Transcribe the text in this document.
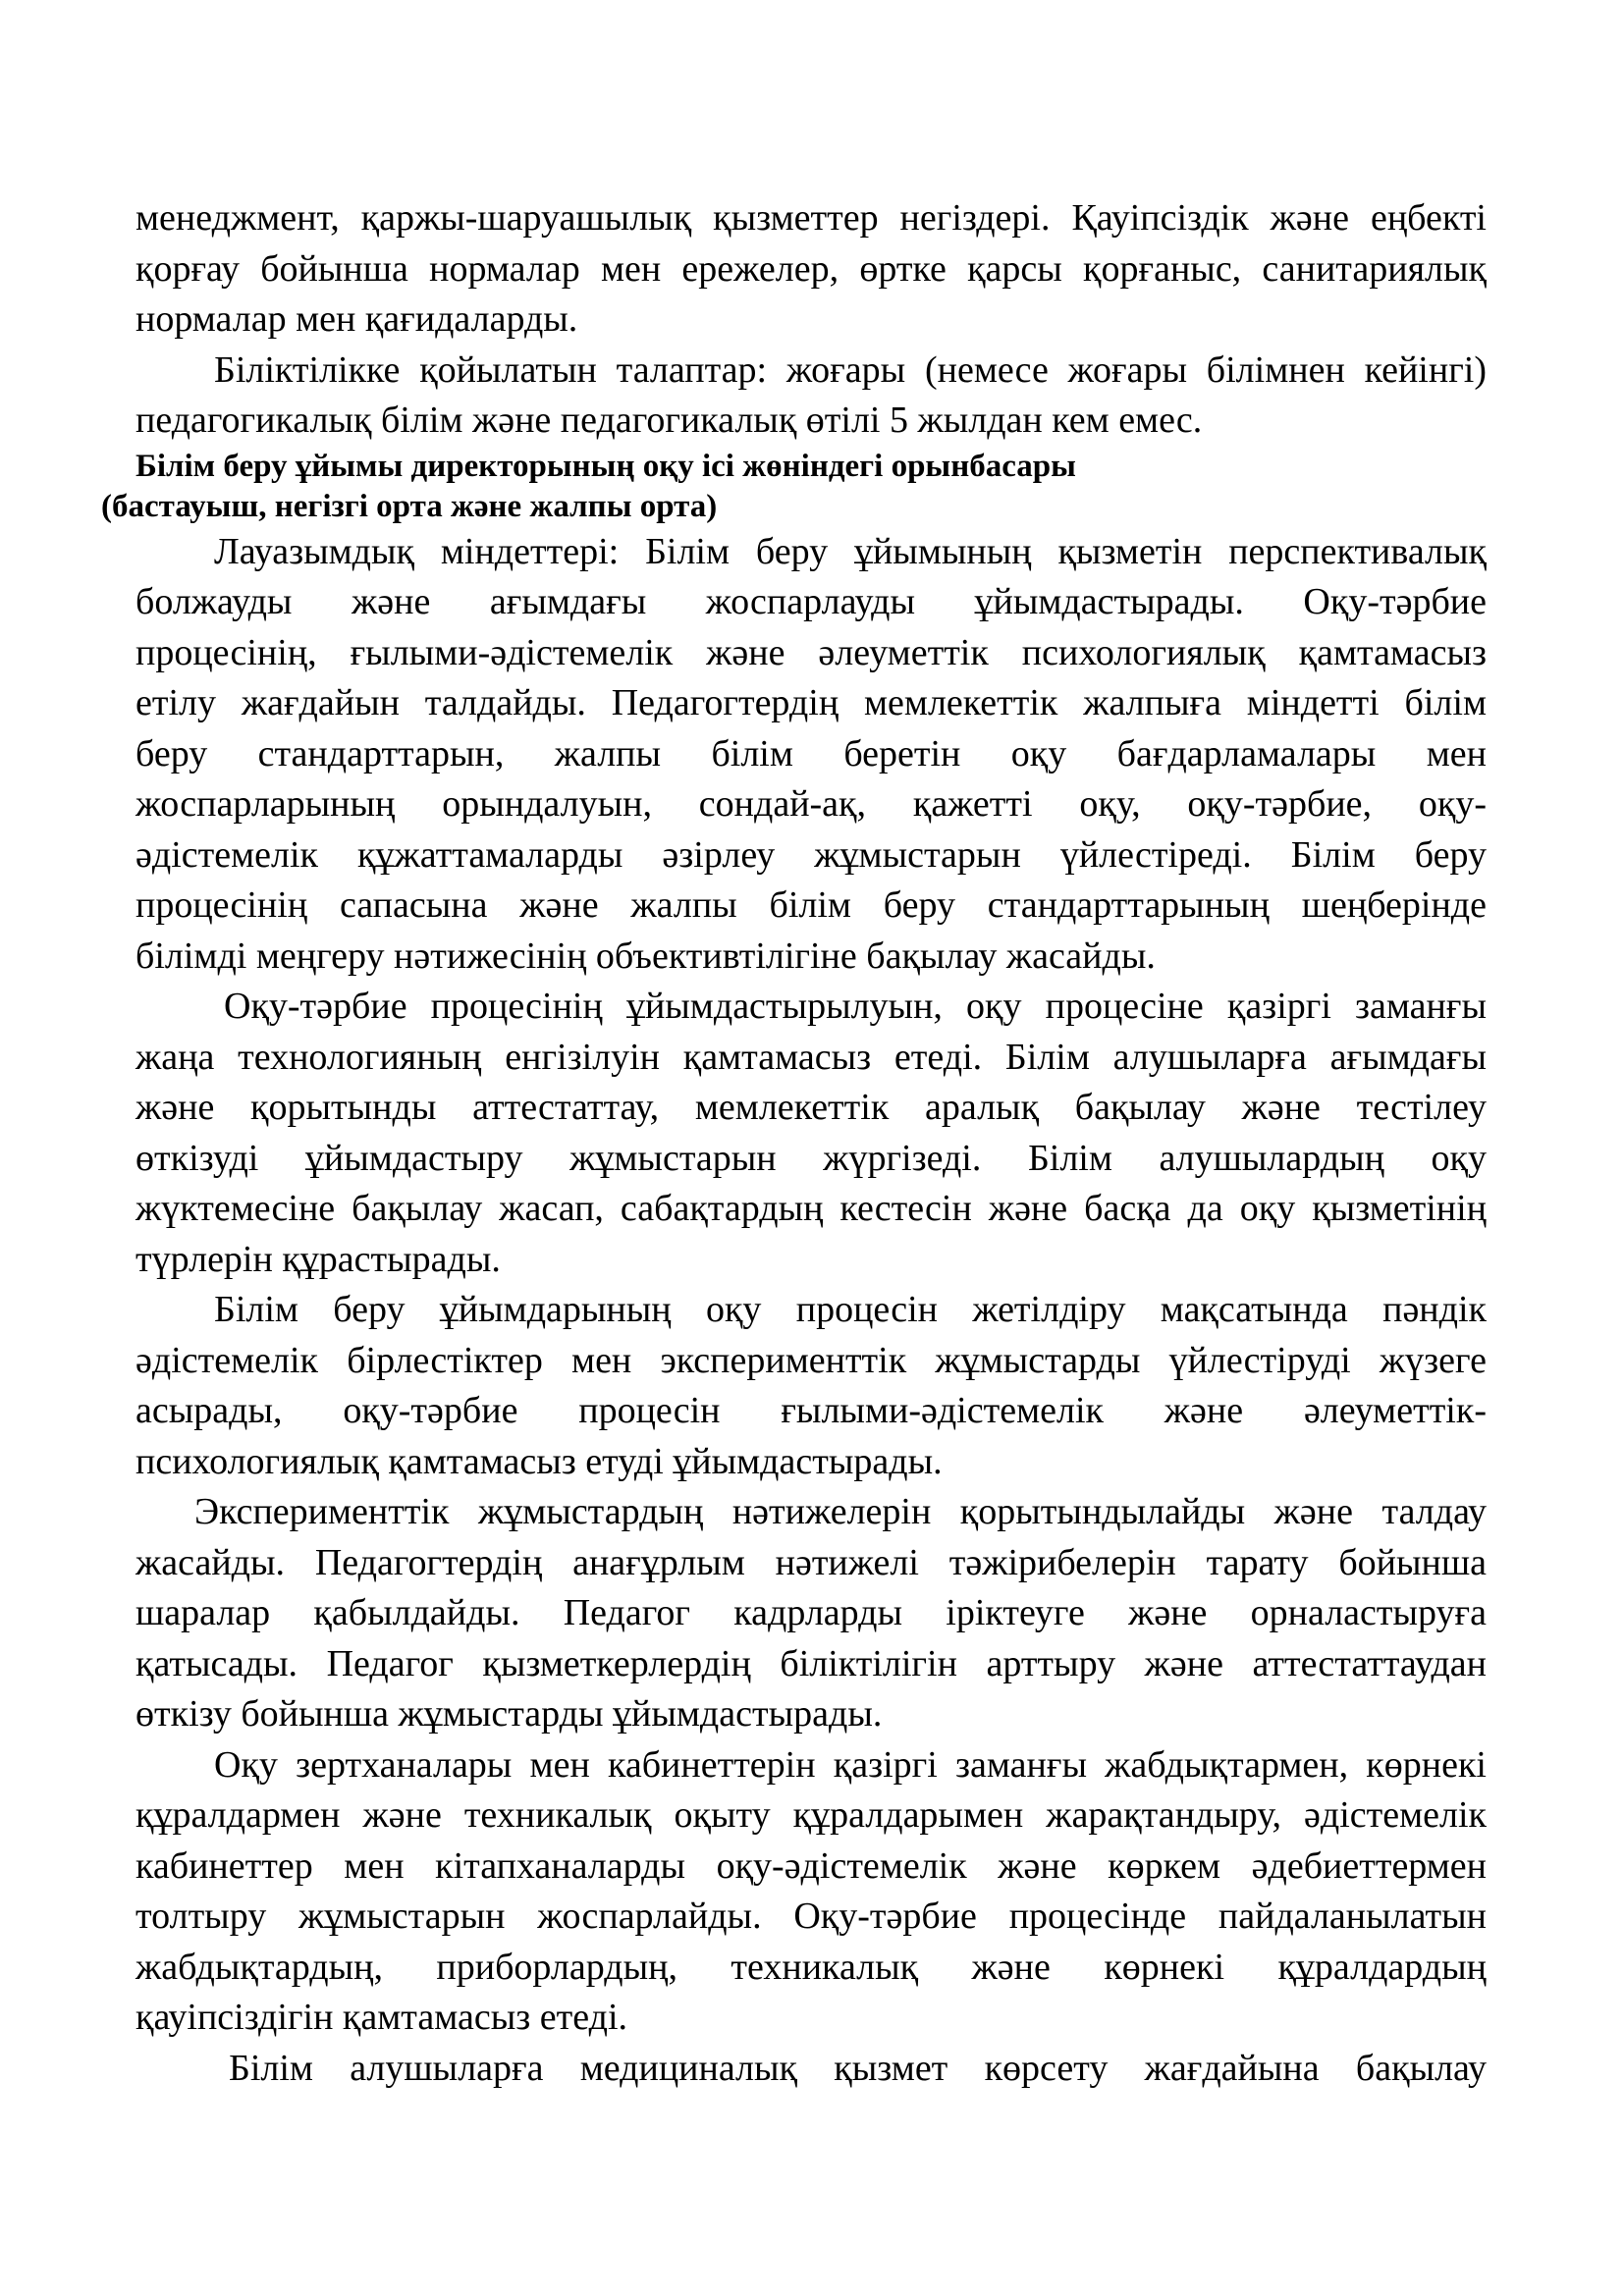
менеджмент, қаржы-шаруашылық қызметтер негіздері. Қауіпсіздік және еңбекті
қорғау бойынша нормалар мен ережелер, өртке қарсы қорғаныс, санитариялық
нормалар мен қағидаларды.
Біліктілікке қойылатын талаптар: жоғары (немесе жоғары білімнен кейінгі)
педагогикалық білім және педагогикалық өтілі 5 жылдан кем емес.
Білім беру ұйымы директорының оқу ісі жөніндегі орынбасары
(бастауыш, негізгі орта және жалпы орта)
Лауазымдық міндеттері: Білім беру ұйымының қызметін перспективалық
болжауды және ағымдағы жоспарлауды ұйымдастырады. Оқу-тәрбие
процесінің, ғылыми-әдістемелік және әлеуметтік психологиялық қамтамасыз
етілу жағдайын талдайды. Педагогтердің мемлекеттік жалпыға міндетті білім
беру стандарттарын, жалпы білім беретін оқу бағдарламалары мен
жоспарларының орындалуын, сондай-ақ, қажетті оқу, оқу-тәрбие, оқу-
әдістемелік құжаттамаларды әзірлеу жұмыстарын үйлестіреді. Білім беру
процесінің сапасына және жалпы білім беру стандарттарының шеңберінде
білімді меңгеру нәтижесінің объективтілігіне бақылау жасайды.
Оқу-тәрбие процесінің ұйымдастырылуын, оқу процесіне қазіргі заманғы
жаңа технологияның енгізілуін қамтамасыз етеді. Білім алушыларға ағымдағы
және қорытынды аттестаттау, мемлекеттік аралық бақылау және тестілеу
өткізуді ұйымдастыру жұмыстарын жүргізеді. Білім алушылардың оқу
жүктемесіне бақылау жасап, сабақтардың кестесін және басқа да оқу қызметінің
түрлерін құрастырады.
Білім беру ұйымдарының оқу процесін жетілдіру мақсатында пәндік
әдістемелік бірлестіктер мен эксперименттік жұмыстарды үйлестіруді жүзеге
асырады, оқу-тәрбие процесін ғылыми-әдістемелік және әлеуметтік-
психологиялық қамтамасыз етуді ұйымдастырады.
Эксперименттік жұмыстардың нәтижелерін қорытындылайды және талдау
жасайды. Педагогтердің анағұрлым нәтижелі тәжірибелерін тарату бойынша
шаралар қабылдайды. Педагог кадрларды іріктеуге және орналастыруға
қатысады. Педагог қызметкерлердің біліктілігін арттыру және аттестаттаудан
өткізу бойынша жұмыстарды ұйымдастырады.
Оқу зертханалары мен кабинеттерін қазіргі заманғы жабдықтармен, көрнекі
құралдармен және техникалық оқыту құралдарымен жарақтандыру, әдістемелік
кабинеттер мен кітапханаларды оқу-әдістемелік және көркем әдебиеттермен
толтыру жұмыстарын жоспарлайды. Оқу-тәрбие процесінде пайдаланылатын
жабдықтардың, приборлардың, техникалық және көрнекі құралдардың
қауіпсіздігін қамтамасыз етеді.
Білім алушыларға медициналық қызмет көрсету жағдайына бақылау
